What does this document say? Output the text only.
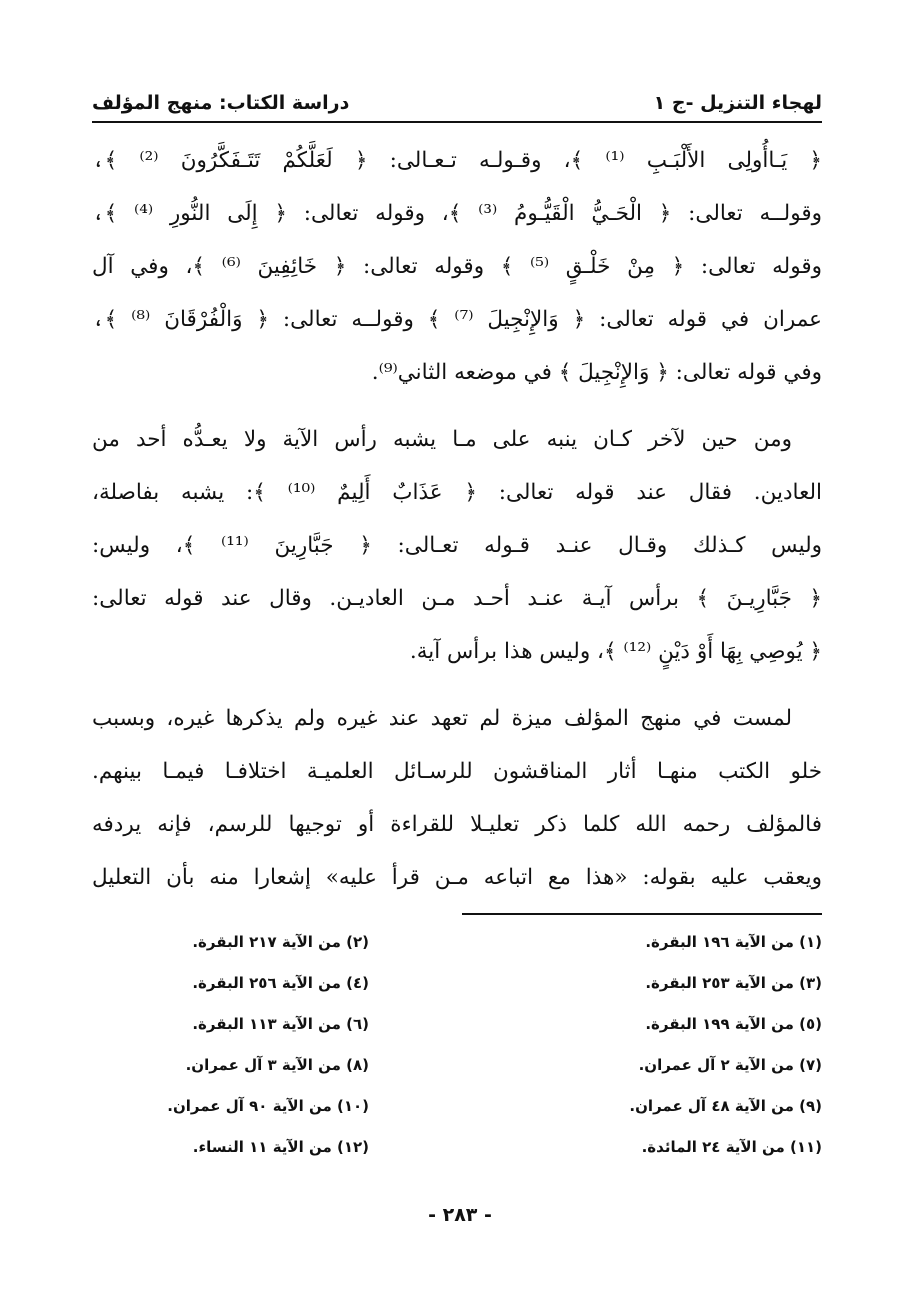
لهجاء التنزيل -ج ١
دراسة الكتاب: منهج المؤلف
﴿ يَـاأُولِى الأَلْبَـبِ ⁽¹⁾ ﴾، وقـولـه تـعـالى: ﴿ لَعَلَّكُمْ تَتَـفَكَّرُونَ ⁽²⁾ ﴾،
وقولــه تعالى: ﴿ الْحَـيُّ الْقَيُّـومُ ⁽³⁾ ﴾، وقوله تعالى: ﴿ إِلَى النُّورِ ⁽⁴⁾ ﴾،
وقوله تعالى: ﴿ مِنْ خَلْـقٍ ⁽⁵⁾ ﴾ وقوله تعالى: ﴿ خَائِفِينَ ⁽⁶⁾ ﴾، وفي آل
عمران في قوله تعالى: ﴿ وَالإِنْجِيلَ ⁽⁷⁾ ﴾ وقولــه تعالى: ﴿ وَالْفُرْقَانَ ⁽⁸⁾ ﴾،
وفي قوله تعالى: ﴿ وَالإِنْجِيلَ ﴾ في موضعه الثاني⁽⁹⁾.
ومن حين لآخر كـان ينبه على مـا يشبه رأس الآية ولا يعـدُّه أحد من
العادين. فقال عند قوله تعالى: ﴿ عَذَابٌ أَلِيمٌ ⁽¹⁰⁾ ﴾: يشبه بفاصلة،
وليس كـذلك وقـال عنـد قـوله تعـالى: ﴿ جَبَّارِينَ ⁽¹¹⁾ ﴾، وليس:
﴿ جَبَّارِيـنَ ﴾ برأس آيـة عنـد أحـد مـن العاديـن. وقال عند قوله تعالى:
﴿ يُوصِي بِهَا أَوْ دَيْنٍ ⁽¹²⁾ ﴾، وليس هذا برأس آية.
لمست في منهج المؤلف ميزة لم تعهد عند غيره ولم يذكرها غيره، وبسبب
خلو الكتب منهـا أثار المناقشون للرسـائل العلميـة اختلافـا فيمـا بينهم.
فالمؤلف رحمه الله كلما ذكر تعليـلا للقراءة أو توجيها للرسم، فإنه يردفه
ويعقب عليه بقوله: «هذا مع اتباعه مـن قرأ عليه» إشعارا منه بأن التعليل
(١) من الآية ١٩٦ البقرة.
(٢) من الآية ٢١٧ البقرة.
(٣) من الآية ٢٥٣ البقرة.
(٤) من الآية ٢٥٦ البقرة.
(٥) من الآية ١٩٩ البقرة.
(٦) من الآية ١١٣ البقرة.
(٧) من الآية ٢ آل عمران.
(٨) من الآية ٣ آل عمران.
(٩) من الآية ٤٨ آل عمران.
(١٠) من الآية ٩٠ آل عمران.
(١١) من الآية ٢٤ المائدة.
(١٢) من الآية ١١ النساء.
- ٢٨٣ -
